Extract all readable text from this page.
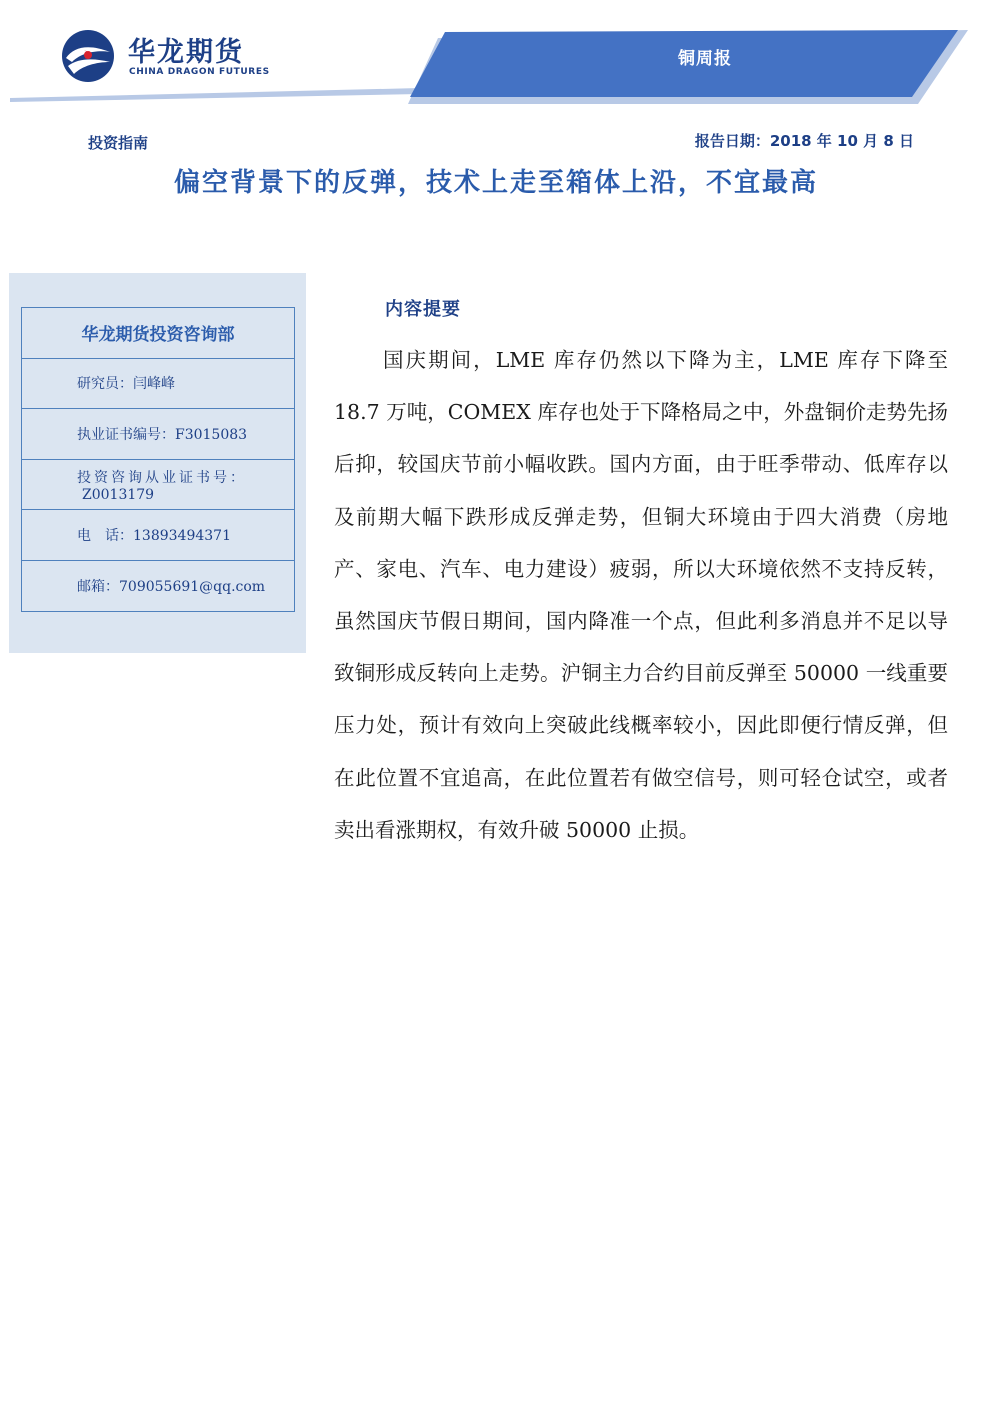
华龙期货
CHINA DRAGON FUTURES
铜周报
投资指南	报告日期：2018 年 10 月 8 日
偏空背景下的反弹，技术上走至箱体上沿，不宜最高
华龙期货投资咨询部
研究员：闫峰峰
执业证书编号：F3015083
投资咨询从业证书号：
Z0013179
电　话：13893494371
邮箱：709055691@qq.com
内容提要

国庆期间，LME 库存仍然以下降为主，LME 库存下降至 18.7 万吨，COMEX 库存也处于下降格局之中，外盘铜价走势先扬后抑，较国庆节前小幅收跌。国内方面，由于旺季带动、低库存以及前期大幅下跌形成反弹走势，但铜大环境由于四大消费（房地产、家电、汽车、电力建设）疲弱，所以大环境依然不支持反转，虽然国庆节假日期间，国内降准一个点，但此利多消息并不足以导致铜形成反转向上走势。沪铜主力合约目前反弹至 50000 一线重要压力处，预计有效向上突破此线概率较小，因此即便行情反弹，但在此位置不宜追高，在此位置若有做空信号，则可轻仓试空，或者卖出看涨期权，有效升破 50000 止损。
